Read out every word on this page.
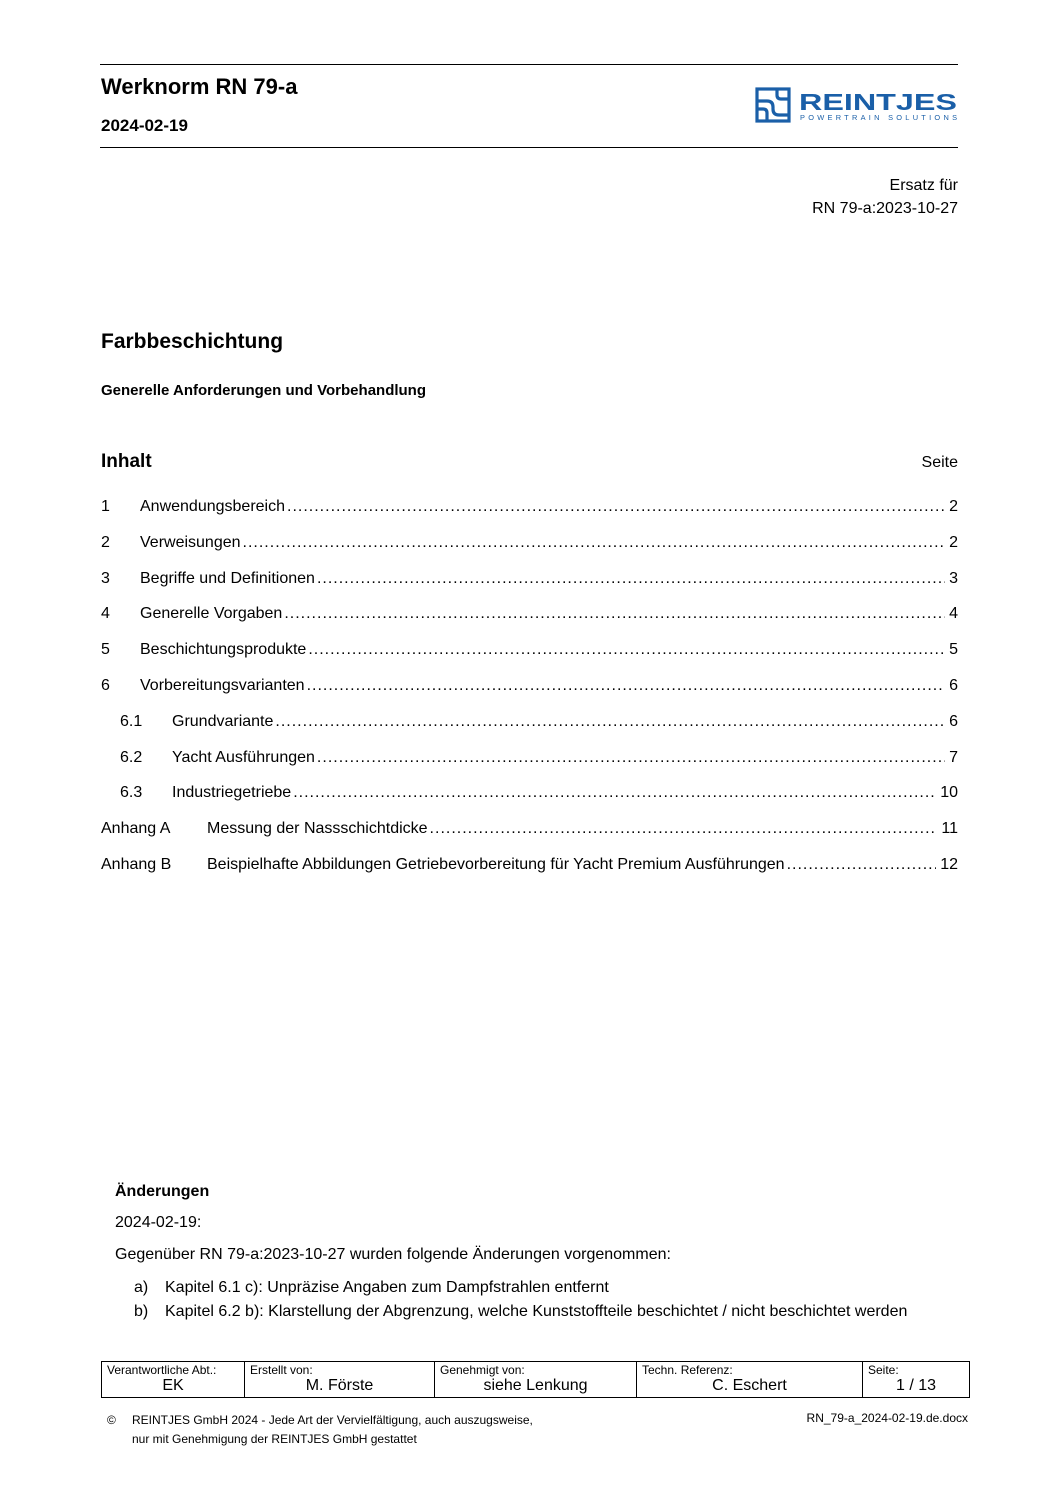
Werknorm RN 79-a
2024-02-19
REINTJES
POWERTRAIN SOLUTIONS
Ersatz für
RN 79-a:2023-10-27
Farbbeschichtung
Generelle Anforderungen und Vorbehandlung
Inhalt	Seite
1	Anwendungsbereich .....	2
2	Verweisungen .....	2
3	Begriffe und Definitionen .....	3
4	Generelle Vorgaben .....	4
5	Beschichtungsprodukte .....	5
6	Vorbereitungsvarianten .....	6
6.1	Grundvariante .....	6
6.2	Yacht Ausführungen .....	7
6.3	Industriegetriebe .....	10
Anhang A	Messung der Nassschichtdicke .....	11
Anhang B	Beispielhafte Abbildungen Getriebevorbereitung für Yacht Premium Ausführungen .....	12
Änderungen
2024-02-19:
Gegenüber RN 79-a:2023-10-27 wurden folgende Änderungen vorgenommen:
a)	Kapitel 6.1 c): Unpräzise Angaben zum Dampfstrahlen entfernt
b)	Kapitel 6.2 b): Klarstellung der Abgrenzung, welche Kunststoffteile beschichtet / nicht beschichtet werden
Verantwortliche Abt.:
EK

Erstellt von:
M. Förste

Genehmigt von:
siehe Lenkung

Techn. Referenz:
C. Eschert

Seite:
1 / 13
© REINTJES GmbH 2024 - Jede Art der Vervielfältigung, auch auszugsweise,
nur mit Genehmigung der REINTJES GmbH gestattet
RN_79-a_2024-02-19.de.docx
